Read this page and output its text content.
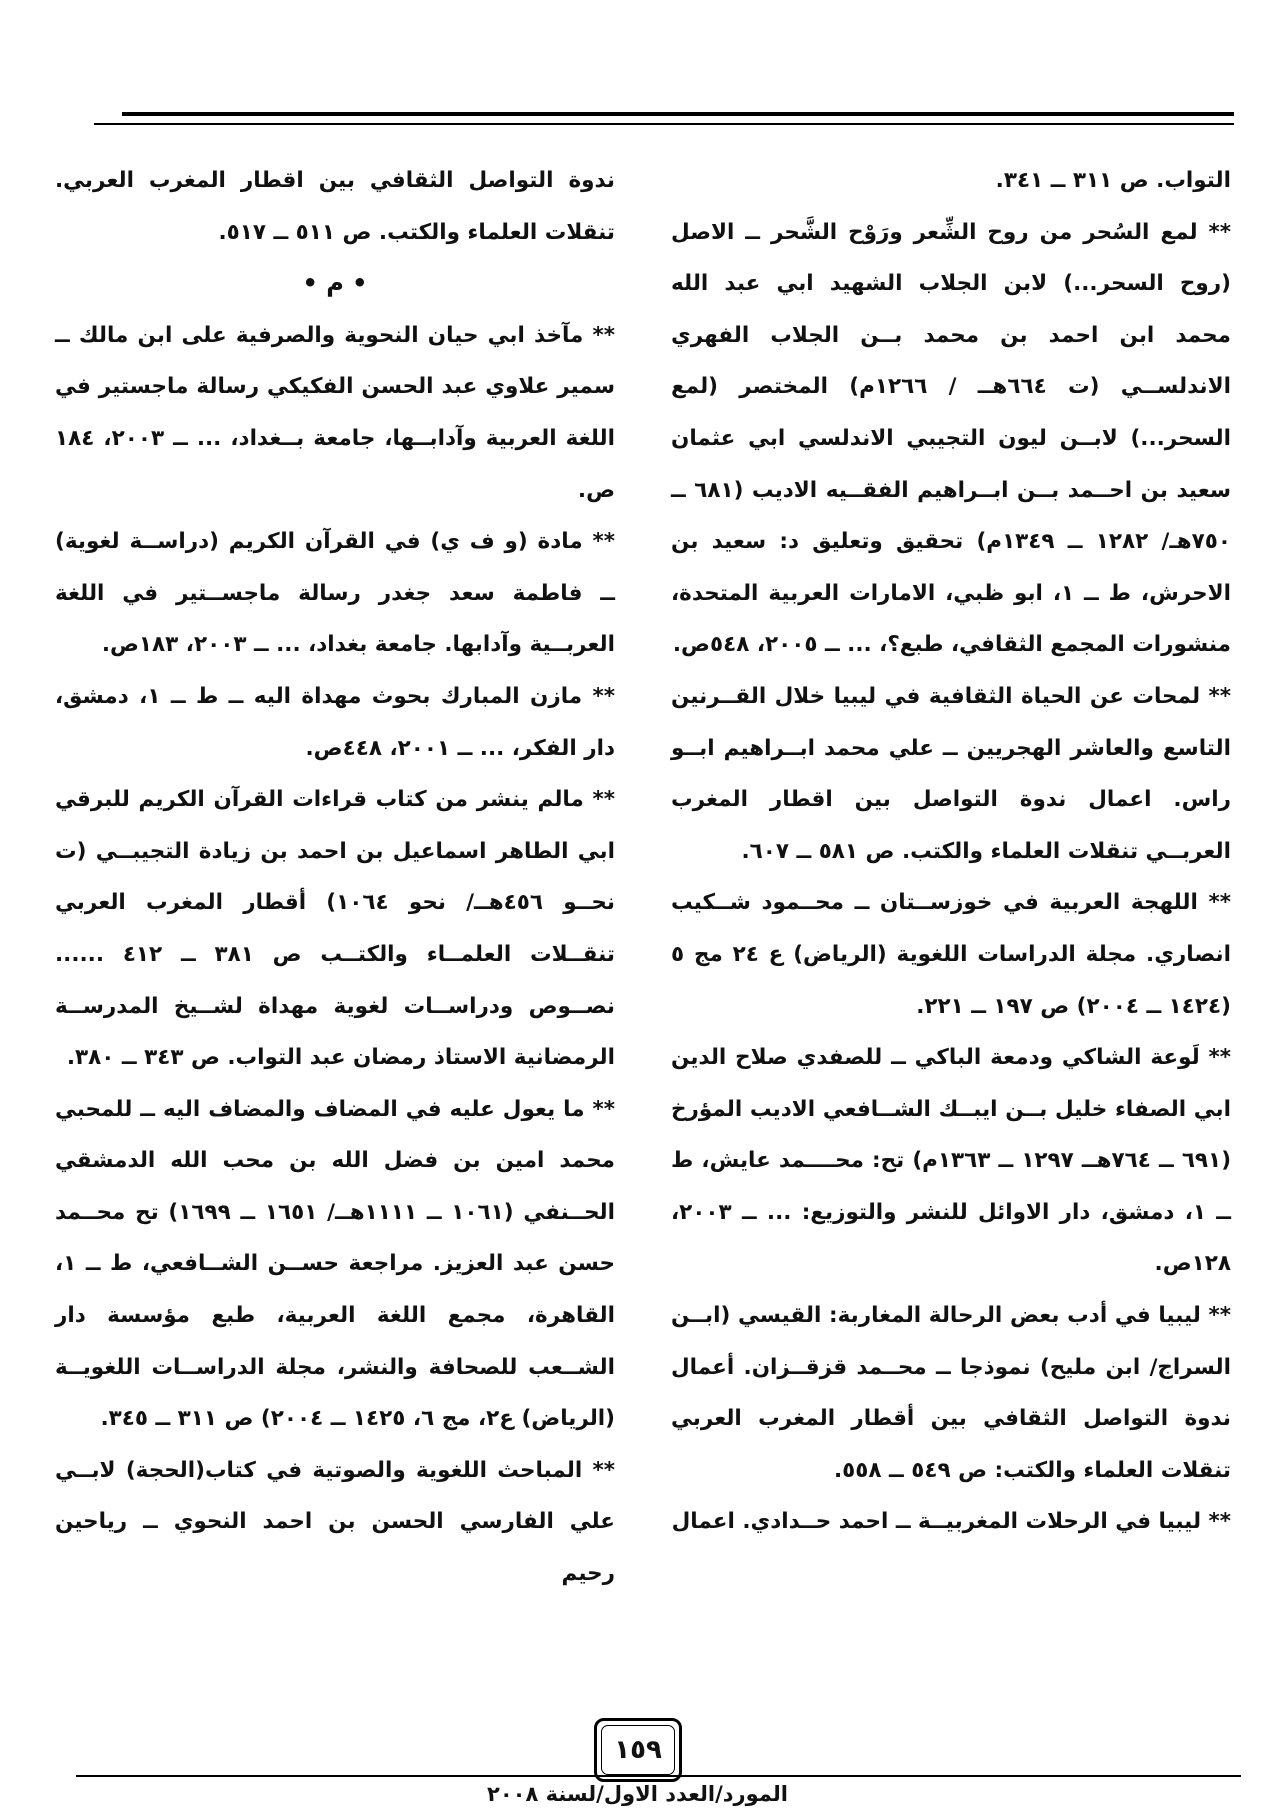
التواب. ص ٣١١ ــ ٣٤١.

** لمع السُحر من روح الشِّعر ورَوْح الشَّحر ــ الاصل (روح السحر...) لابن الجلاب الشهيد ابي عبد الله محمد ابن احمد بن محمد بــن الجلاب الفهري الاندلســي (ت ٦٦٤هــ / ١٢٦٦م) المختصر (لمع السحر...) لابــن ليون التجيبي الاندلسي ابي عثمان سعيد بن احــمد بــن ابــراهيم الفقــيه الاديب (٦٨١ ــ ٧٥٠هـ/ ١٢٨٢ ــ ١٣٤٩م) تحقيق وتعليق د: سعيد بن الاحرش، ط ــ ١، ابو ظبي، الامارات العربية المتحدة، منشورات المجمع الثقافي، طبع؟، ... ــ ٢٠٠٥، ٥٤٨ص.

** لمحات عن الحياة الثقافية في ليبيا خلال القــرنين التاسع والعاشر الهجريين ــ علي محمد ابــراهيم ابــو راس. اعمال ندوة التواصل بين اقطار المغرب العربــي تنقلات العلماء والكتب. ص ٥٨١ ــ ٦٠٧.

** اللهجة العربية في خوزســتان ــ محــمود شــكيب انصاري. مجلة الدراسات اللغوية (الرياض) ع ٢٤ مج ٥ (١٤٢٤ ــ ٢٠٠٤) ص ١٩٧ ــ ٢٢١.

** لَوعة الشاكي ودمعة الباكي ــ للصفدي صلاح الدين ابي الصفاء خليل بــن ايبــك الشــافعي الاديب المؤرخ (٦٩١ ــ ٧٦٤هــ ١٢٩٧ ــ ١٣٦٣م) تح: محــــمد عايش، ط ــ ١، دمشق، دار الاوائل للنشر والتوزيع: ... ــ ٢٠٠٣، ١٢٨ص.

** ليبيا في أدب بعض الرحالة المغاربة: القيسي (ابــن السراج/ ابن مليح) نموذجا ــ محــمد قزقــزان. أعمال ندوة التواصل الثقافي بين أقطار المغرب العربي تنقلات العلماء والكتب: ص ٥٤٩ ــ ٥٥٨.

** ليبيا في الرحلات المغربيــة ــ احمد حــدادي. اعمال

ندوة التواصل الثقافي بين اقطار المغرب العربي. تنقلات العلماء والكتب. ص ٥١١ ــ ٥١٧.

• م •

** مآخذ ابي حيان النحوية والصرفية على ابن مالك ــ سمير علاوي عبد الحسن الفكيكي رسالة ماجستير في اللغة العربية وآدابــها، جامعة بــغداد، ... ــ ٢٠٠٣، ١٨٤ ص.

** مادة (و ف ي) في القرآن الكريم (دراســة لغوية) ــ فاطمة سعد جغدر رسالة ماجســتير في اللغة العربــية وآدابها. جامعة بغداد، ... ــ ٢٠٠٣، ١٨٣ص.

** مازن المبارك بحوث مهداة اليه ــ ط ــ ١، دمشق، دار الفكر، ... ــ ٢٠٠١، ٤٤٨ص.

** مالم ينشر من كتاب قراءات القرآن الكريم للبرقي ابي الطاهر اسماعيل بن احمد بن زيادة التجيبــي (ت نحــو ٤٥٦هــ/ نحو ١٠٦٤) أقطار المغرب العربي تنقــلات العلمــاء والكتــب ص ٣٨١ ــ ٤١٢ ...... نصــوص ودراســات لغوية مهداة لشــيخ المدرســة الرمضانية الاستاذ رمضان عبد التواب. ص ٣٤٣ ــ ٣٨٠.

** ما يعول عليه في المضاف والمضاف اليه ــ للمحبي محمد امين بن فضل الله بن محب الله الدمشقي الحــنفي (١٠٦١ ــ ١١١١هــ/ ١٦٥١ ــ ١٦٩٩) تح محــمد حسن عبد العزيز. مراجعة حســن الشــافعي، ط ــ ١، القاهرة، مجمع اللغة العربية، طبع مؤسسة دار الشــعب للصحافة والنشر، مجلة الدراســات اللغويــة (الرياض) ع٢، مج ٦، ١٤٢٥ ــ ٢٠٠٤) ص ٣١١ ــ ٣٤٥.

** المباحث اللغوية والصوتية في كتاب(الحجة) لابــي علي الفارسي الحسن بن احمد النحوي ــ رياحين رحيم

١٥٩
المورد/العدد الاول/لسنة ٢٠٠٨
